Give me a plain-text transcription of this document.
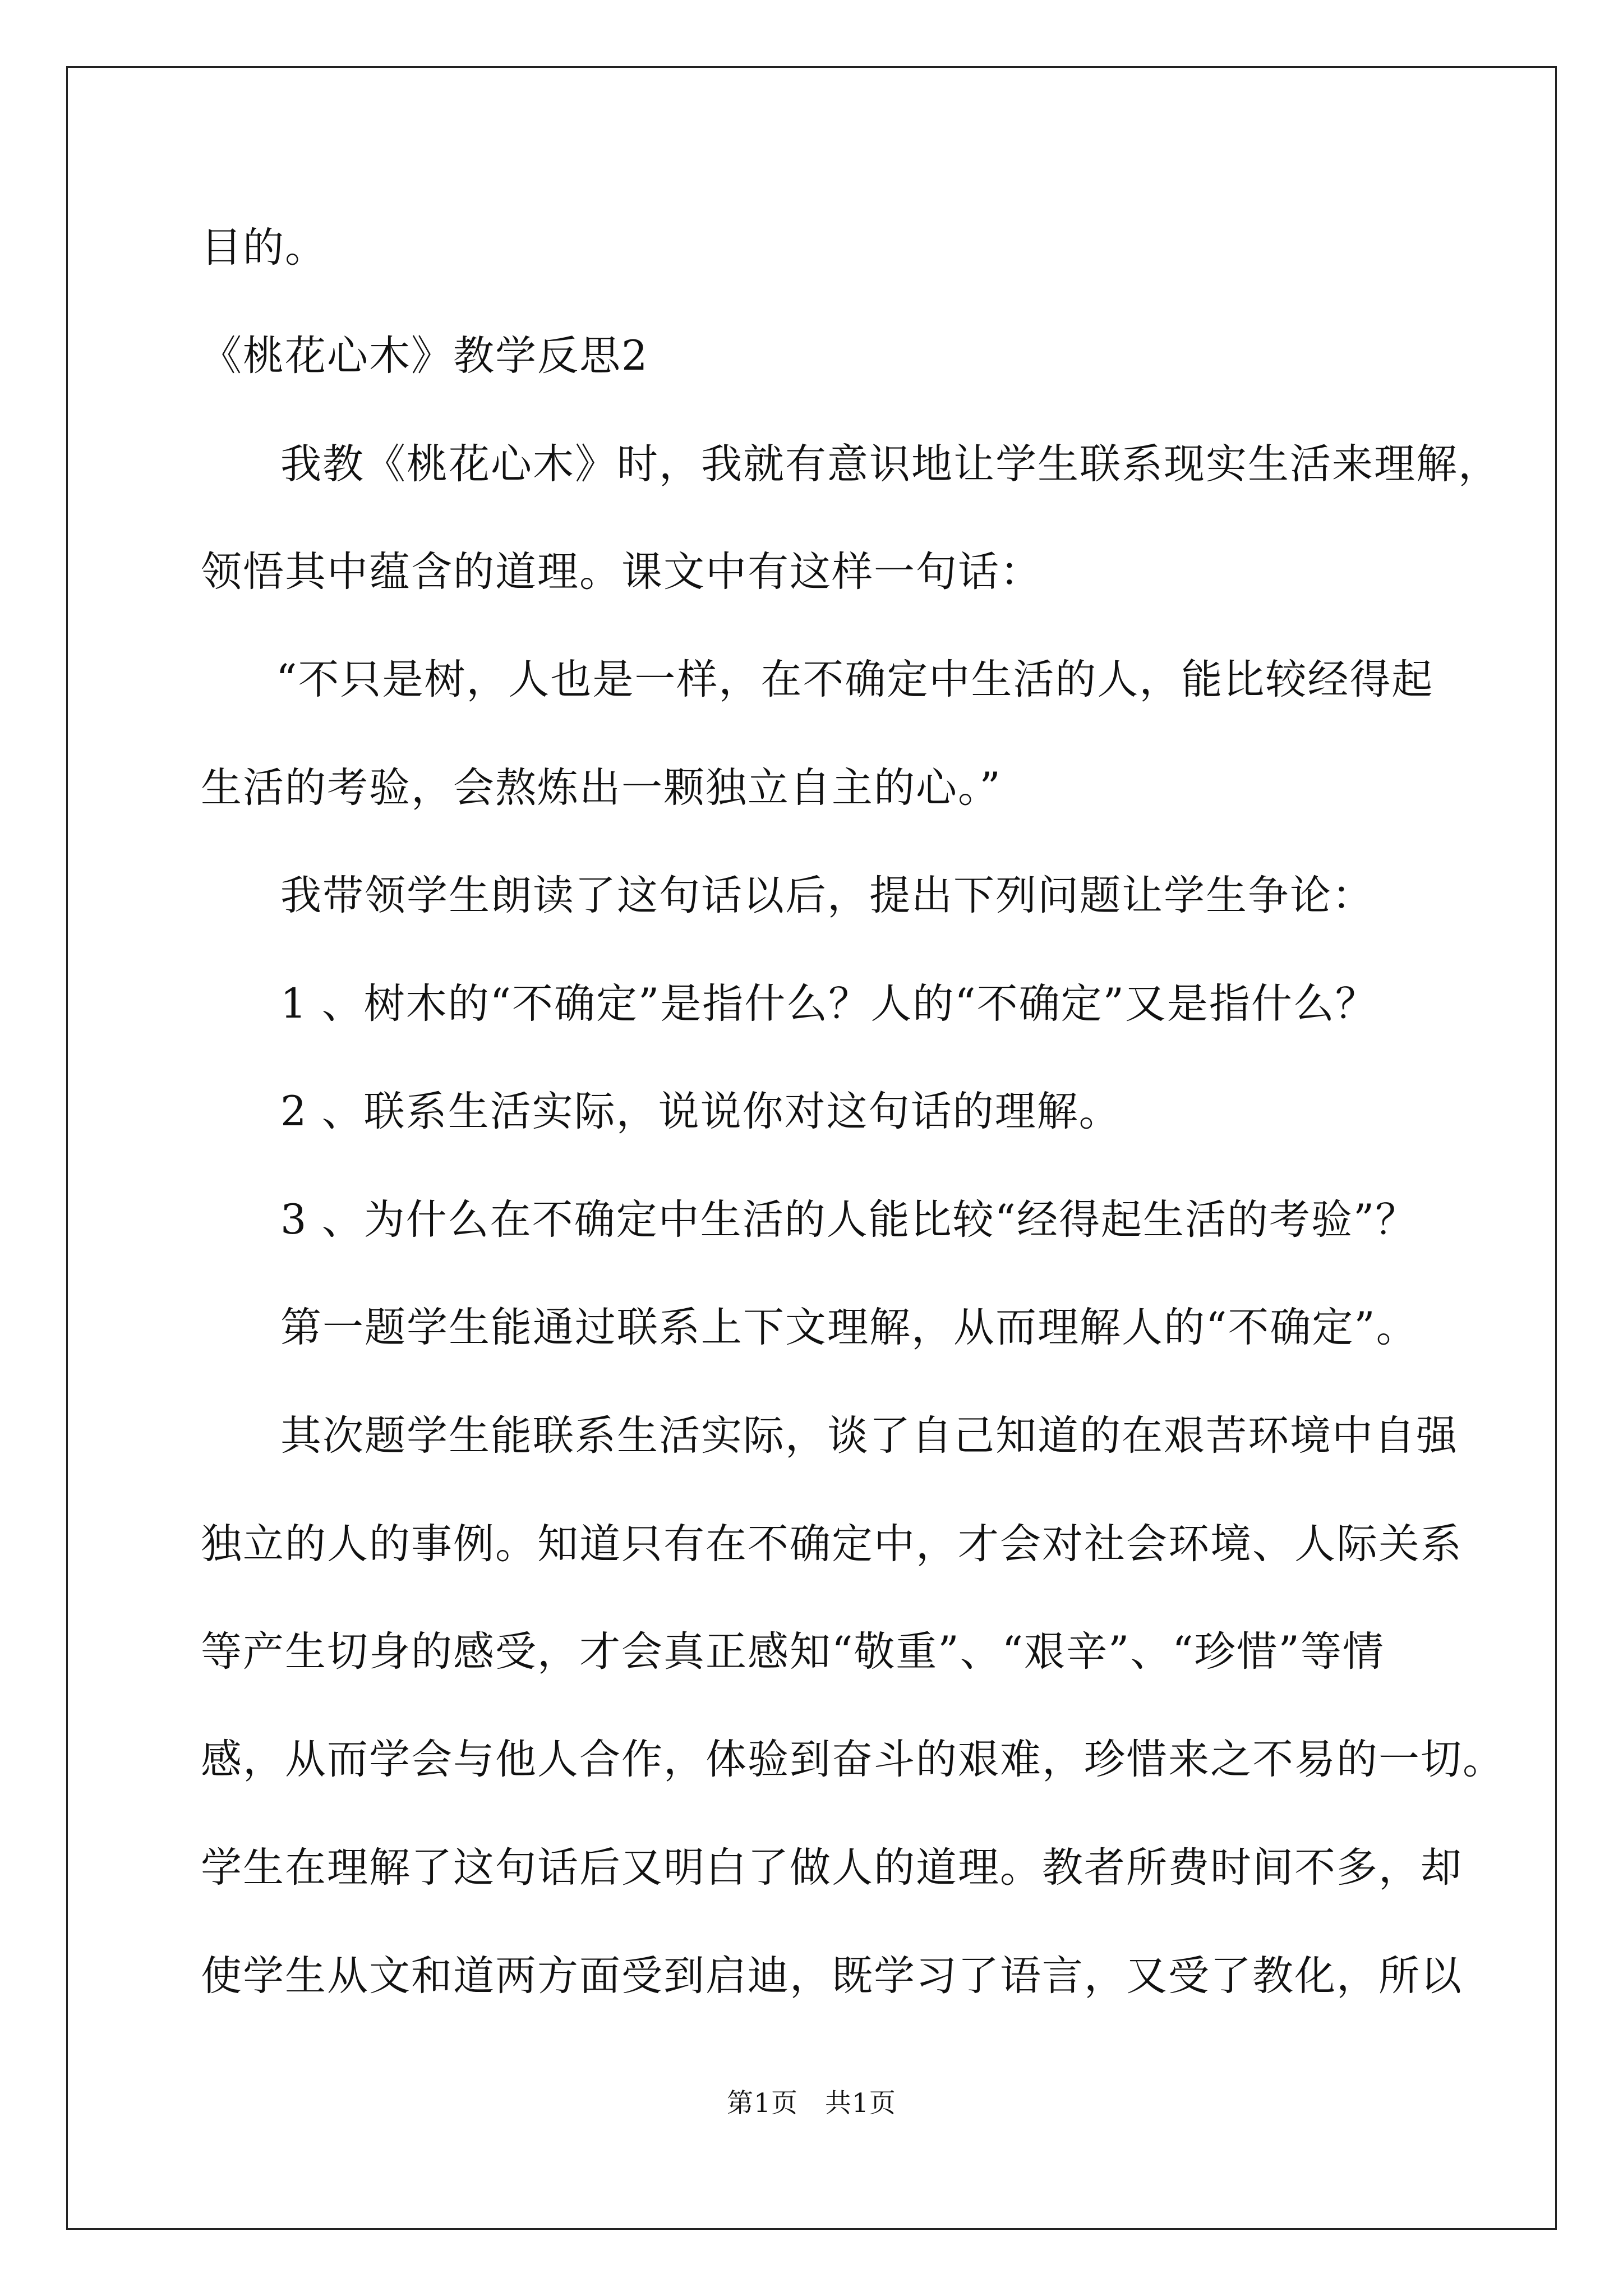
目的。
《桃花心木》教学反思2
我教《桃花心木》时，我就有意识地让学生联系现实生活来理解，
领悟其中蕴含的道理。课文中有这样一句话：
“不只是树，人也是一样，在不确定中生活的人，能比较经得起
生活的考验，会熬炼出一颗独立自主的心。”
我带领学生朗读了这句话以后，提出下列问题让学生争论：
1 、树木的“不确定”是指什么？人的“不确定”又是指什么？
2 、联系生活实际，说说你对这句话的理解。
3 、为什么在不确定中生活的人能比较“经得起生活的考验”？
第一题学生能通过联系上下文理解，从而理解人的“不确定”。
其次题学生能联系生活实际，谈了自己知道的在艰苦环境中自强
独立的人的事例。知道只有在不确定中，才会对社会环境、人际关系
等产生切身的感受，才会真正感知“敬重”、“艰辛”、“珍惜”等情
感，从而学会与他人合作，体验到奋斗的艰难，珍惜来之不易的一切。
学生在理解了这句话后又明白了做人的道理。教者所费时间不多，却
使学生从文和道两方面受到启迪，既学习了语言，又受了教化，所以
第1页 共1页
